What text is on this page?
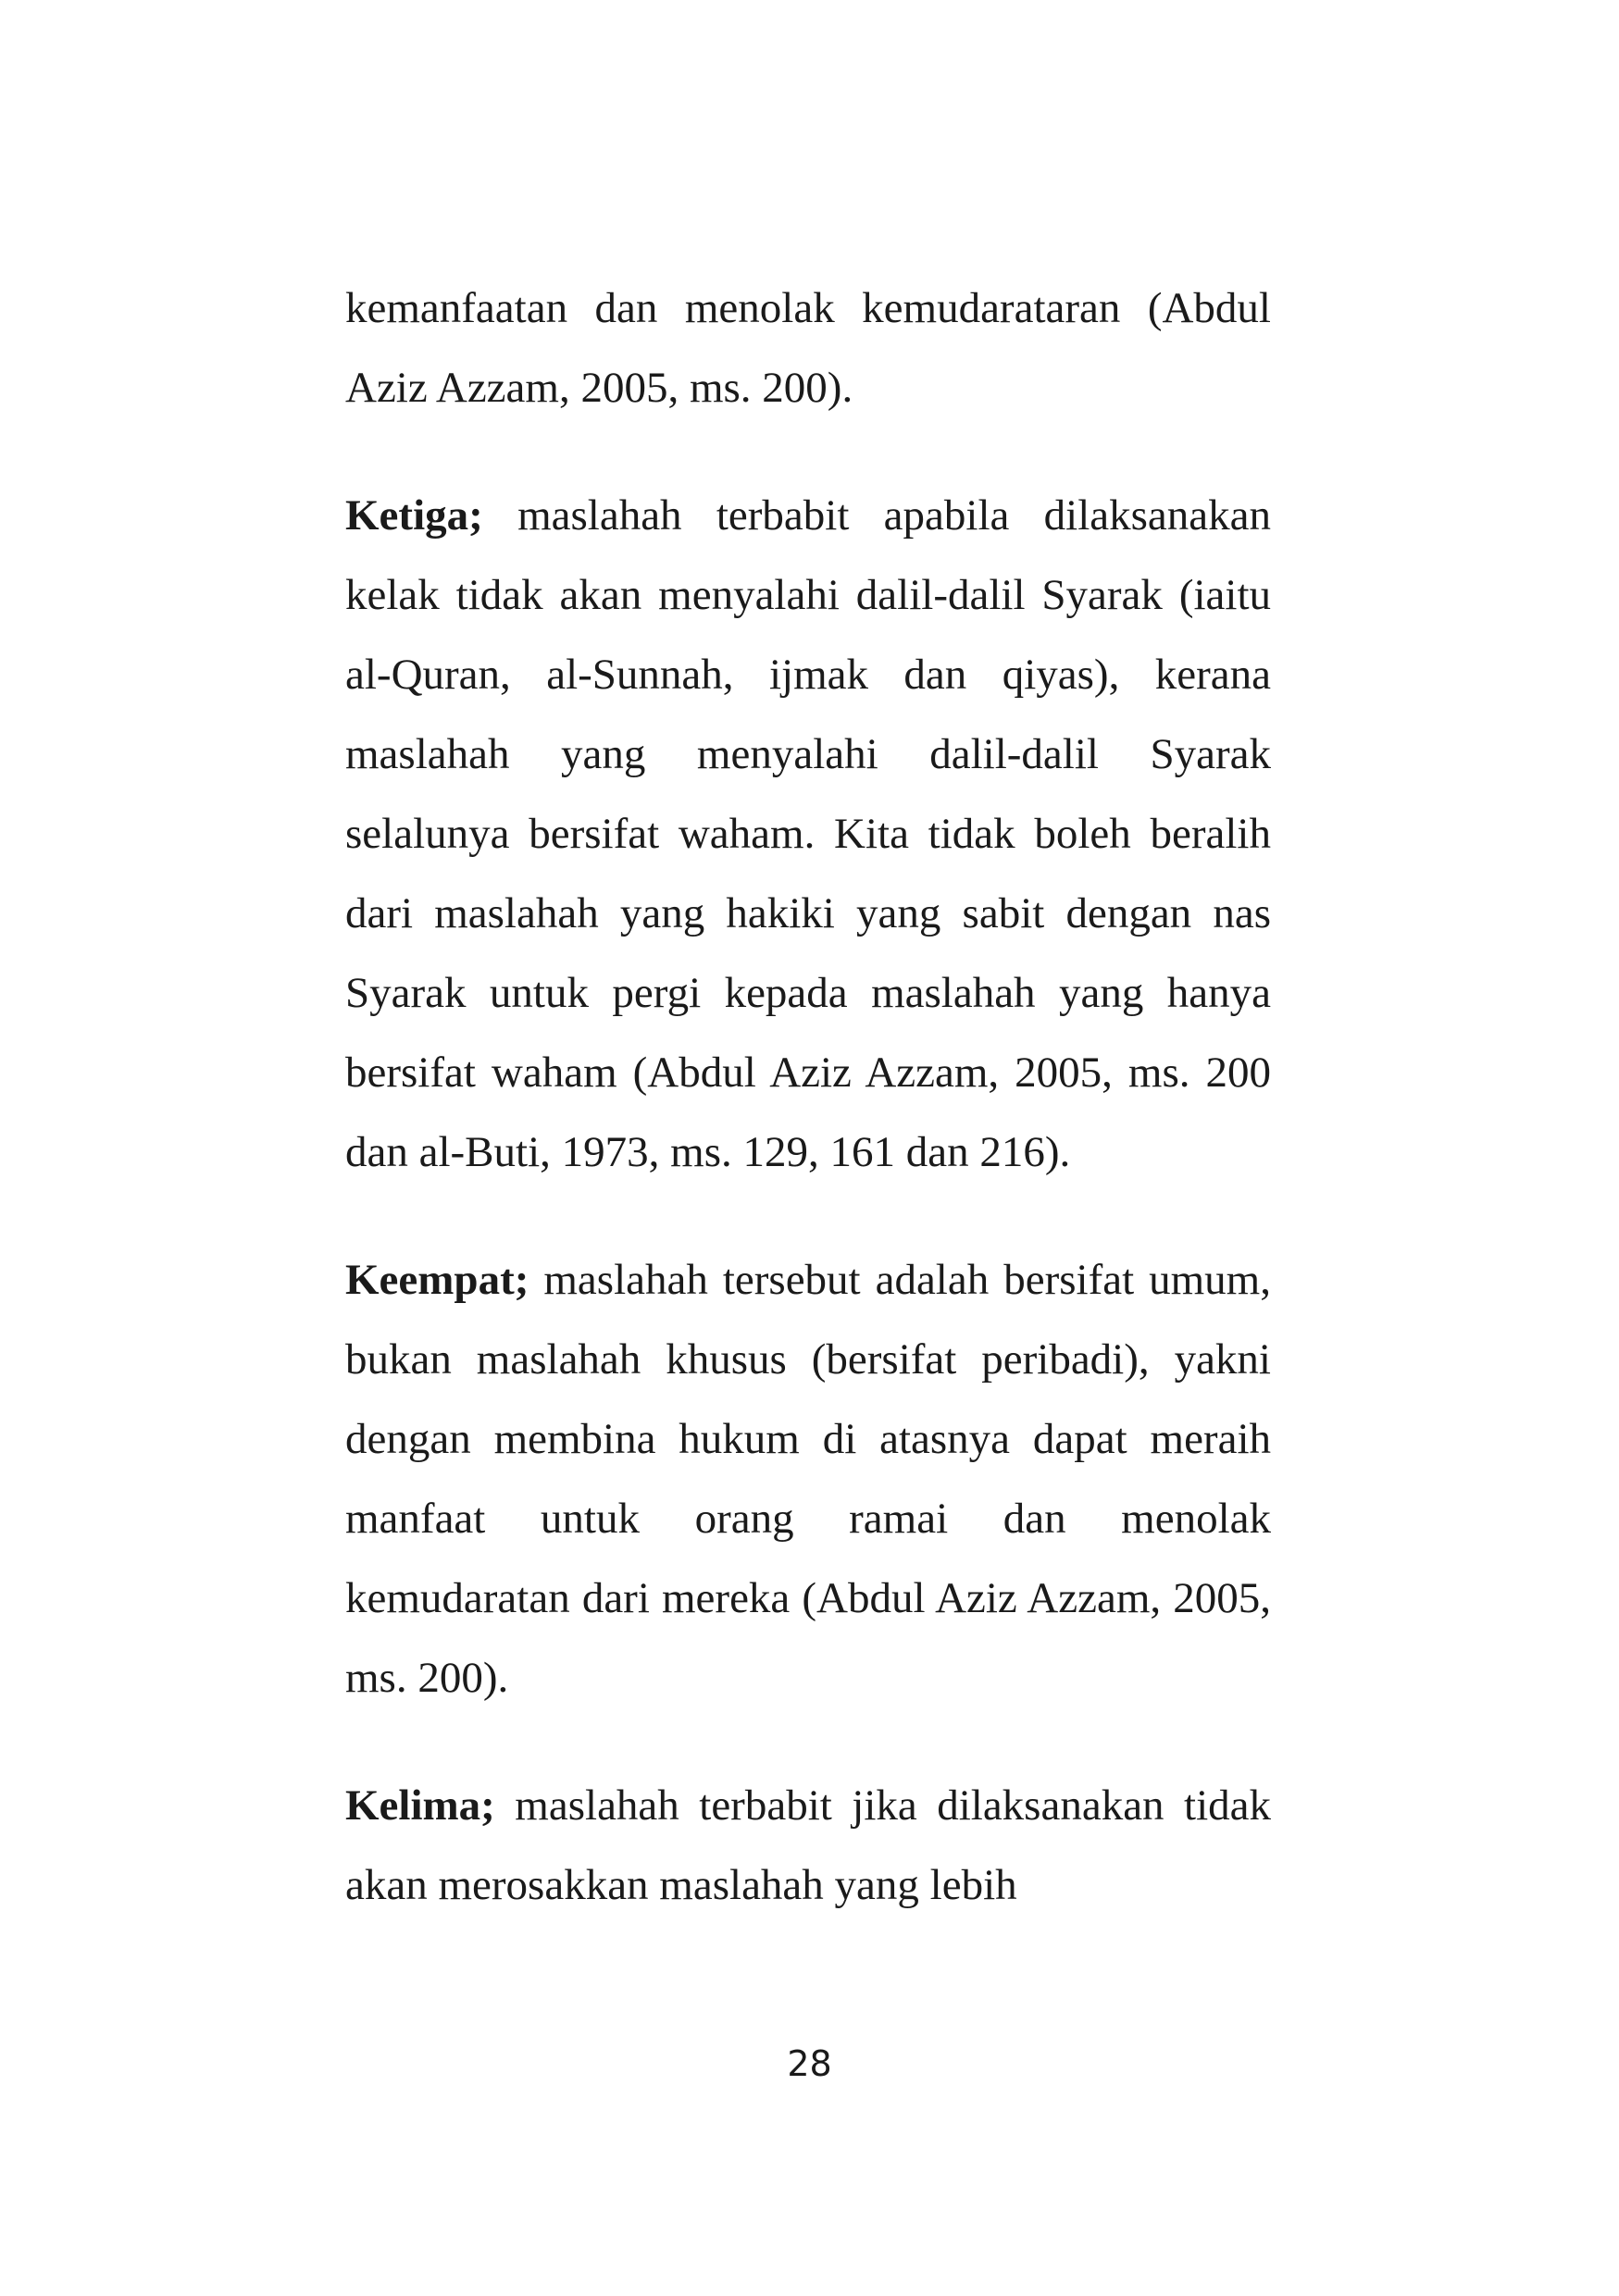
kemanfaatan dan menolak kemudarataran (Abdul Aziz Azzam, 2005, ms. 200).

Ketiga; maslahah terbabit apabila dilaksanakan kelak tidak akan menyalahi dalil-dalil Syarak (iaitu al-Quran, al-Sunnah, ijmak dan qiyas), kerana maslahah yang menyalahi dalil-dalil Syarak selalunya bersifat waham. Kita tidak boleh beralih dari maslahah yang hakiki yang sabit dengan nas Syarak untuk pergi kepada maslahah yang hanya bersifat waham (Abdul Aziz Azzam, 2005, ms. 200 dan al-Buti, 1973, ms. 129, 161 dan 216).

Keempat; maslahah tersebut adalah bersifat umum, bukan maslahah khusus (bersifat peribadi), yakni dengan membina hukum di atasnya dapat meraih manfaat untuk orang ramai dan menolak kemudaratan dari mereka (Abdul Aziz Azzam, 2005, ms. 200).

Kelima; maslahah terbabit jika dilaksanakan tidak akan merosakkan maslahah yang lebih

28
